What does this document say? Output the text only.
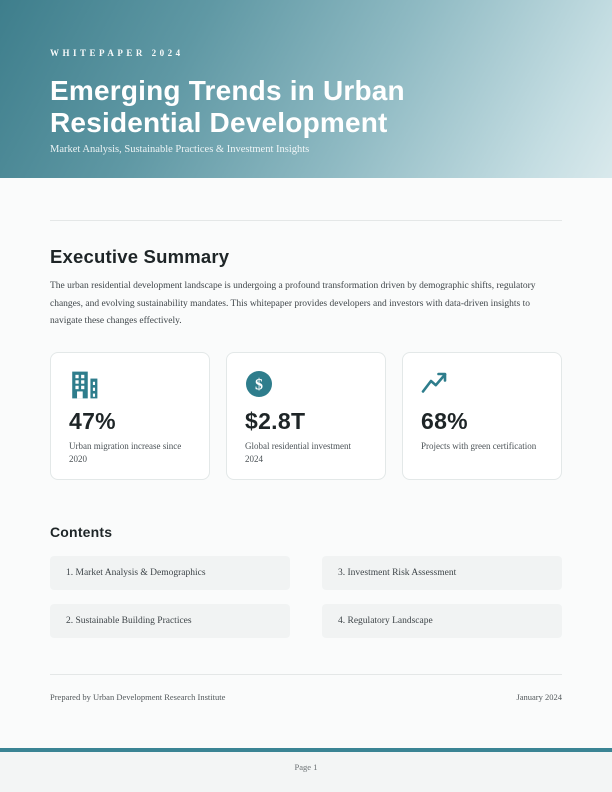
WHITEPAPER 2024
Emerging Trends in Urban Residential Development
Market Analysis, Sustainable Practices & Investment Insights
Executive Summary

The urban residential development landscape is undergoing a profound transformation driven by demographic shifts, regulatory changes, and evolving sustainability mandates. This whitepaper provides developers and investors with data-driven insights to navigate these changes effectively.

47%
Urban migration increase since 2020
$
$2.8T
Global residential investment 2024
68%
Projects with green certification
Contents
1. Market Analysis & Demographics
2. Sustainable Building Practices
3. Investment Risk Assessment
4. Regulatory Landscape
Prepared by Urban Development Research Institute	January 2024
Page 1
